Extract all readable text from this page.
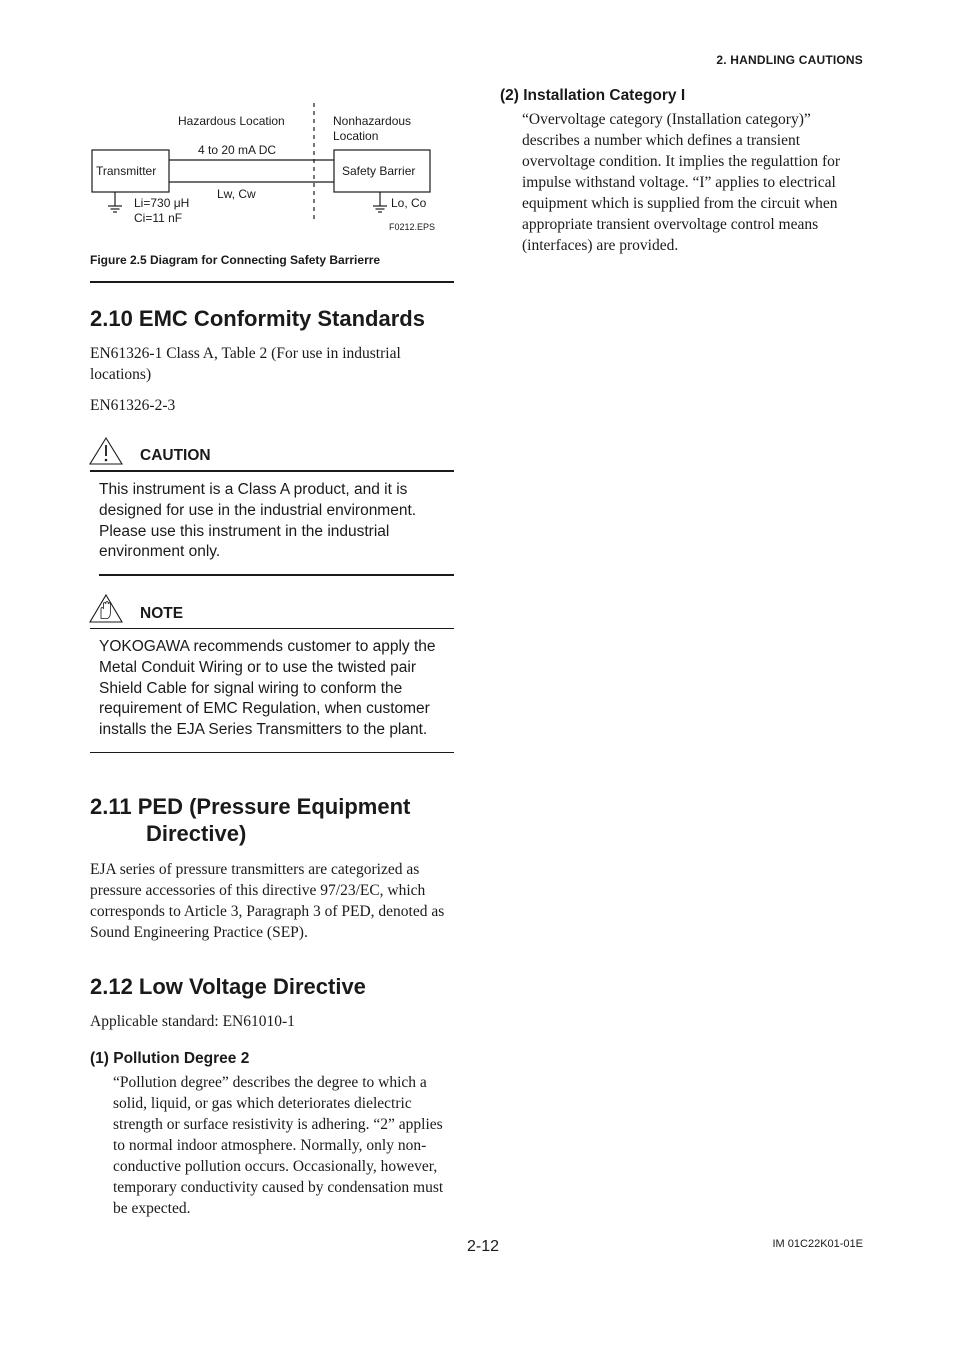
2. HANDLING CAUTIONS
Hazardous Location	Nonhazardous
Location
4 to 20 mA DC
Transmitter	Safety Barrier
Lw, Cw
Li=730 μH
Ci=11 nF
Lo, Co
F0212.EPS
Figure 2.5 Diagram for Connecting Safety Barrierre
2.10 EMC Conformity Standards
EN61326-1 Class A, Table 2 (For use in industrial locations)
EN61326-2-3
CAUTION
This instrument is a Class A product, and it is designed for use in the industrial environment. Please use this instrument in the industrial environment only.
NOTE
YOKOGAWA recommends customer to apply the Metal Conduit Wiring or to use the twisted pair Shield Cable for signal wiring to conform the requirement of EMC Regulation, when customer installs the EJA Series Transmitters to the plant.
2.11 PED (Pressure Equipment
Directive)
EJA series of pressure transmitters are categorized as pressure accessories of this directive 97/23/EC, which corresponds to Article 3, Paragraph 3 of PED, denoted as Sound Engineering Practice (SEP).
2.12 Low Voltage Directive
Applicable standard: EN61010-1
(1) Pollution Degree 2
“Pollution degree” describes the degree to which a solid, liquid, or gas which deteriorates dielectric strength or surface resistivity is adhering. “2” applies to normal indoor atmosphere. Normally, only non-conductive pollution occurs. Occasionally, however, temporary conductivity caused by condensation must be expected.
(2) Installation Category I
“Overvoltage category (Installation category)” describes a number which defines a transient overvoltage condition. It implies the regulattion for impulse withstand voltage. “I” applies to electrical equipment which is supplied from the circuit when appropriate transient overvoltage control means (interfaces) are provided.
2-12	IM 01C22K01-01E
